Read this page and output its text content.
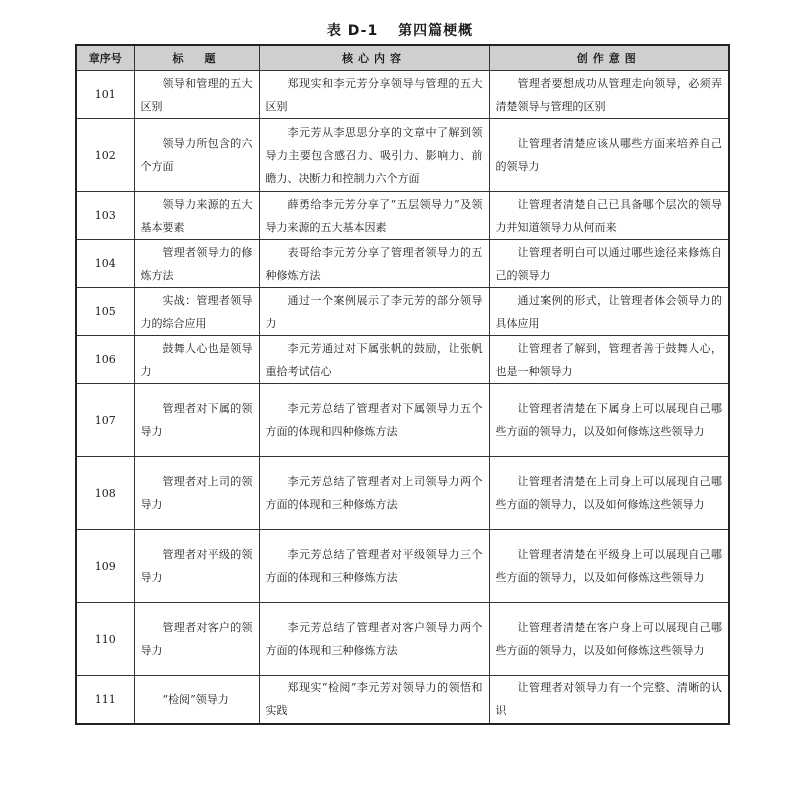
表 D-1 第四篇梗概
章序号	标　题	核心内容	创作意图
101	领导和管理的五大区别	郑现实和李元芳分享领导与管理的五大区别	管理者要想成功从管理走向领导，必须弄清楚领导与管理的区别
102	领导力所包含的六个方面	李元芳从李思思分享的文章中了解到领导力主要包含感召力、吸引力、影响力、前瞻力、决断力和控制力六个方面	让管理者清楚应该从哪些方面来培养自己的领导力
103	领导力来源的五大基本要素	薛勇给李元芳分享了“五层领导力”及领导力来源的五大基本因素	让管理者清楚自己已具备哪个层次的领导力并知道领导力从何而来
104	管理者领导力的修炼方法	表哥给李元芳分享了管理者领导力的五种修炼方法	让管理者明白可以通过哪些途径来修炼自己的领导力
105	实战：管理者领导力的综合应用	通过一个案例展示了李元芳的部分领导力	通过案例的形式，让管理者体会领导力的具体应用
106	鼓舞人心也是领导力	李元芳通过对下属张帆的鼓励，让张帆重拾考试信心	让管理者了解到，管理者善于鼓舞人心，也是一种领导力
107	管理者对下属的领导力	李元芳总结了管理者对下属领导力五个方面的体现和四种修炼方法	让管理者清楚在下属身上可以展现自己哪些方面的领导力，以及如何修炼这些领导力
108	管理者对上司的领导力	李元芳总结了管理者对上司领导力两个方面的体现和三种修炼方法	让管理者清楚在上司身上可以展现自己哪些方面的领导力，以及如何修炼这些领导力
109	管理者对平级的领导力	李元芳总结了管理者对平级领导力三个方面的体现和三种修炼方法	让管理者清楚在平级身上可以展现自己哪些方面的领导力，以及如何修炼这些领导力
110	管理者对客户的领导力	李元芳总结了管理者对客户领导力两个方面的体现和三种修炼方法	让管理者清楚在客户身上可以展现自己哪些方面的领导力，以及如何修炼这些领导力
111	“检阅”领导力	郑现实“检阅”李元芳对领导力的领悟和实践	让管理者对领导力有一个完整、清晰的认识
